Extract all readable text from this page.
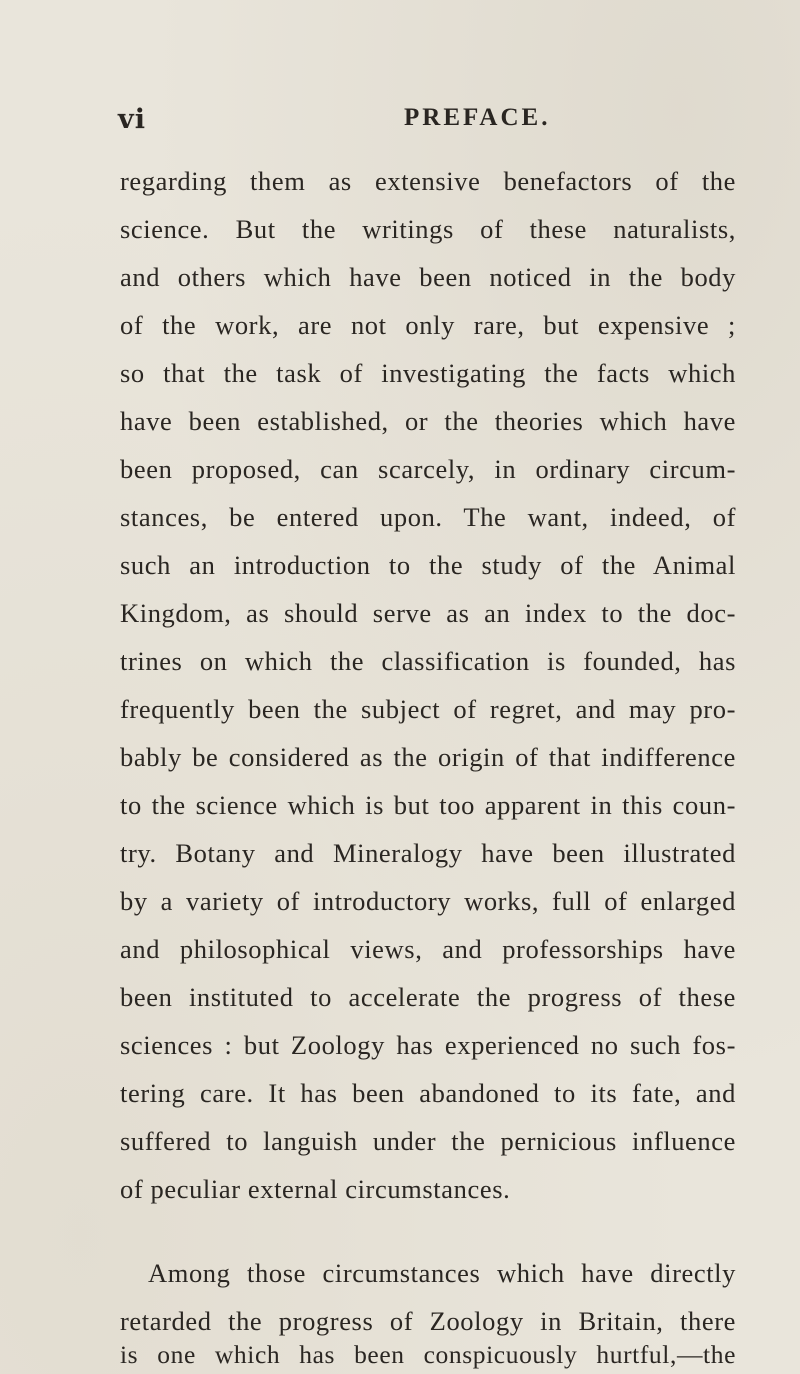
vi	PREFACE.
regarding them as extensive benefactors of the
science. But the writings of these naturalists,
and others which have been noticed in the body
of the work, are not only rare, but expensive ;
so that the task of investigating the facts which
have been established, or the theories which have
been proposed, can scarcely, in ordinary circum-
stances, be entered upon. The want, indeed, of
such an introduction to the study of the Animal
Kingdom, as should serve as an index to the doc-
trines on which the classification is founded, has
frequently been the subject of regret, and may pro-
bably be considered as the origin of that indifference
to the science which is but too apparent in this coun-
try. Botany and Mineralogy have been illustrated
by a variety of introductory works, full of enlarged
and philosophical views, and professorships have
been instituted to accelerate the progress of these
sciences : but Zoology has experienced no such fos-
tering care. It has been abandoned to its fate, and
suffered to languish under the pernicious influence
of peculiar external circumstances.
Among those circumstances which have directly
retarded the progress of Zoology in Britain, there
is one which has been conspicuously hurtful,—the
